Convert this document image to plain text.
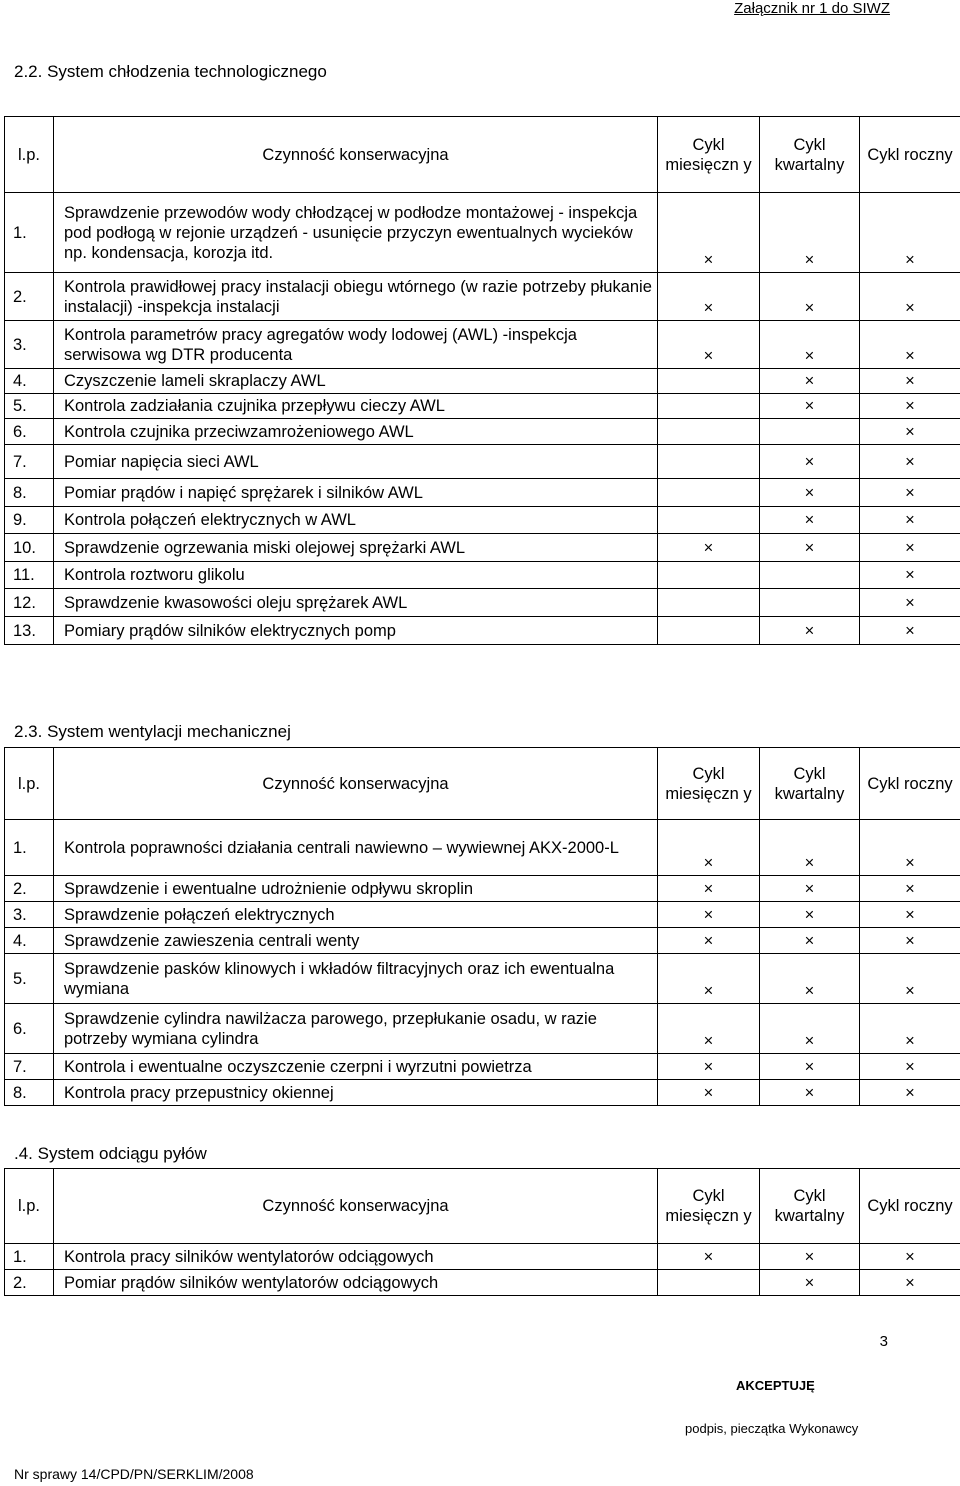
Załącznik nr 1 do SIWZ
2.2. System chłodzenia technologicznego
l.p.	Czynność konserwacyjna	Cykl miesięczn y	Cykl kwartalny	Cykl roczny
1.	Sprawdzenie przewodów wody chłodzącej w podłodze montażowej - inspekcja pod podłogą w rejonie urządzeń - usunięcie przyczyn ewentualnych wycieków np. kondensacja, korozja itd.	×	×	×
2.	Kontrola prawidłowej pracy instalacji obiegu wtórnego (w razie potrzeby płukanie instalacji) -inspekcja instalacji	×	×	×
3.	Kontrola parametrów pracy agregatów wody lodowej (AWL) -inspekcja serwisowa wg DTR producenta	×	×	×
4.	Czyszczenie lameli skraplaczy AWL		×	×
5.	Kontrola zadziałania czujnika przepływu cieczy AWL		×	×
6.	Kontrola czujnika przeciwzamrożeniowego AWL			×
7.	Pomiar napięcia sieci AWL		×	×
8.	Pomiar prądów i napięć sprężarek i silników AWL		×	×
9.	Kontrola połączeń elektrycznych w AWL		×	×
10.	Sprawdzenie ogrzewania miski olejowej sprężarki AWL	×	×	×
11.	Kontrola roztworu glikolu			×
12.	Sprawdzenie kwasowości oleju sprężarek AWL			×
13.	Pomiary prądów silników elektrycznych pomp		×	×
2.3. System wentylacji mechanicznej
l.p.	Czynność konserwacyjna	Cykl miesięczn y	Cykl kwartalny	Cykl roczny
1.	Kontrola poprawności działania centrali nawiewno – wywiewnej AKX-2000-L	×	×	×
2.	Sprawdzenie i ewentualne udrożnienie odpływu skroplin	×	×	×
3.	Sprawdzenie połączeń elektrycznych	×	×	×
4.	Sprawdzenie zawieszenia centrali wenty	×	×	×
5.	Sprawdzenie pasków klinowych i wkładów filtracyjnych oraz ich ewentualna wymiana	×	×	×
6.	Sprawdzenie cylindra nawilżacza parowego, przepłukanie osadu, w razie potrzeby wymiana cylindra	×	×	×
7.	Kontrola i ewentualne oczyszczenie czerpni i wyrzutni powietrza	×	×	×
8.	Kontrola pracy przepustnicy okiennej	×	×	×
.4. System odciągu pyłów
l.p.	Czynność konserwacyjna	Cykl miesięczn y	Cykl kwartalny	Cykl roczny
1.	Kontrola pracy silników wentylatorów odciągowych	×	×	×
2.	Pomiar prądów silników wentylatorów odciągowych		×	×
3
AKCEPTUJĘ
podpis, pieczątka Wykonawcy
Nr sprawy 14/CPD/PN/SERKLIM/2008
